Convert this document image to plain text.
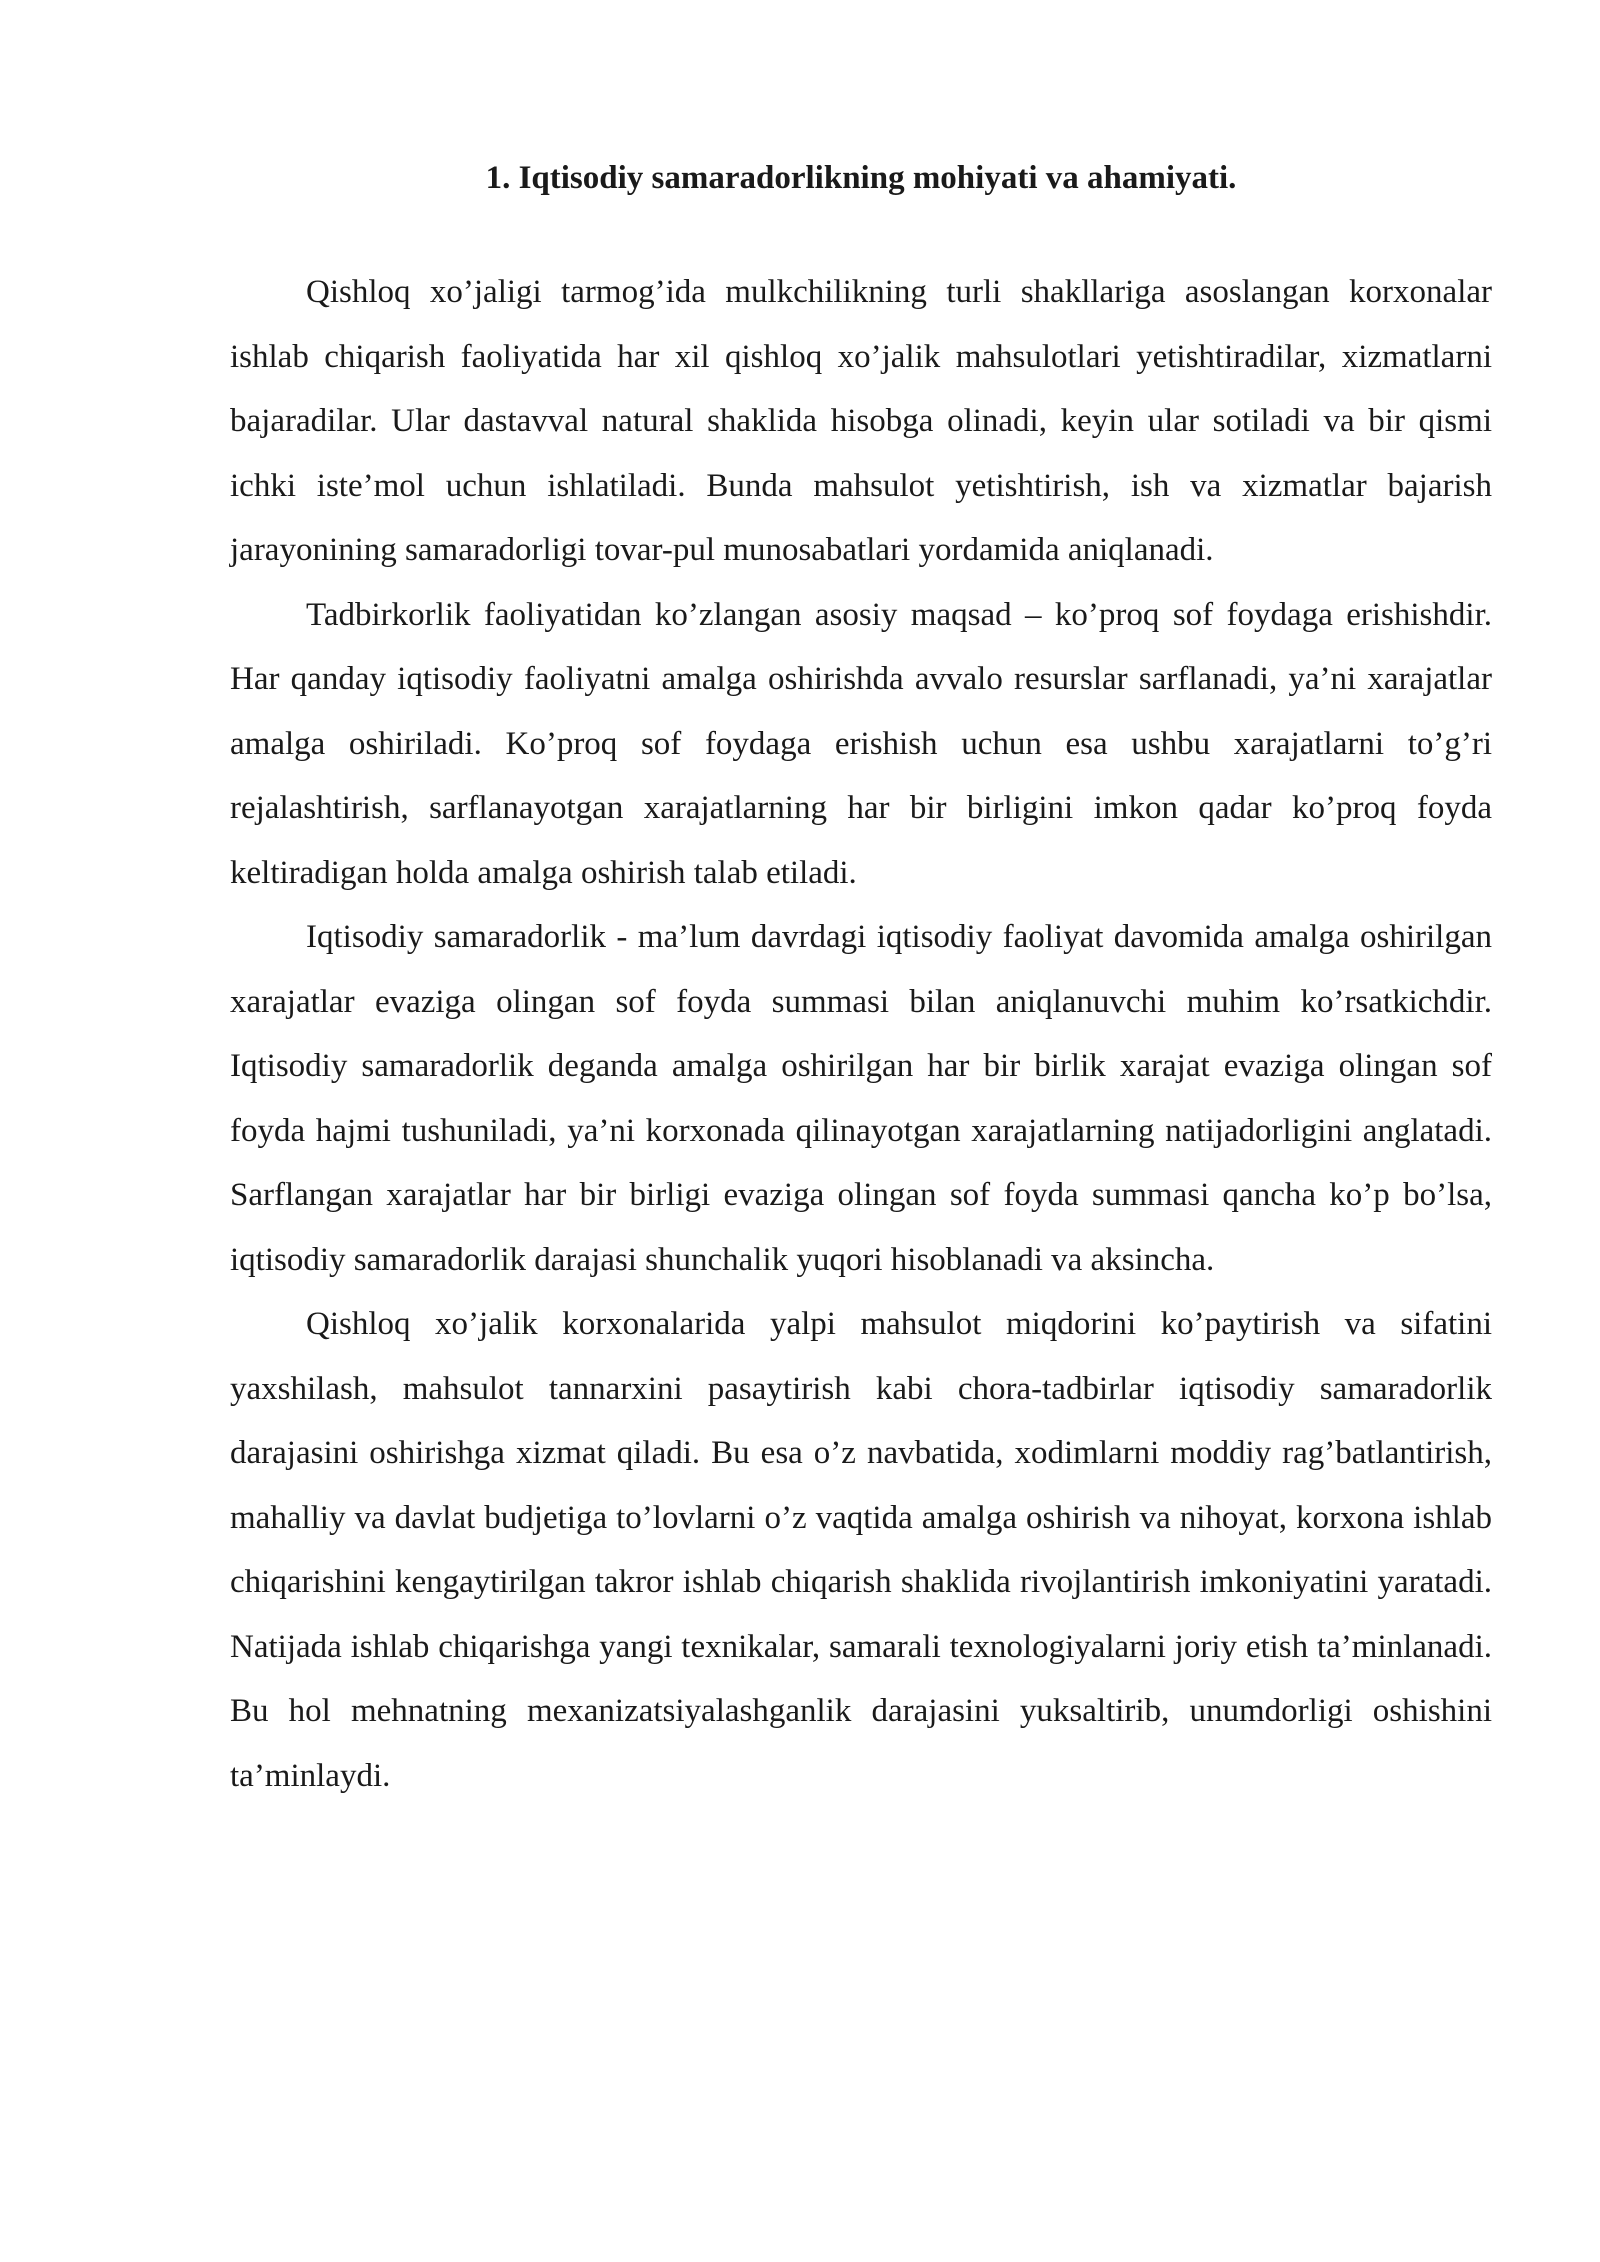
1. Iqtisodiy samaradorlikning mohiyati va ahamiyati.

Qishloq xo’jaligi tarmog’ida mulkchilikning turli shakllariga asoslangan korxonalar ishlab chiqarish faoliyatida har xil qishloq xo’jalik mahsulotlari yetishtiradilar, xizmatlarni bajaradilar. Ular dastavval natural shaklida hisobga olinadi, keyin ular sotiladi va bir qismi ichki iste’mol uchun ishlatiladi. Bunda mahsulot yetishtirish, ish va xizmatlar bajarish jarayonining samaradorligi tovar-pul munosabatlari yordamida aniqlanadi.

Tadbirkorlik faoliyatidan ko’zlangan asosiy maqsad – ko’proq sof foydaga erishishdir. Har qanday iqtisodiy faoliyatni amalga oshirishda avvalo resurslar sarflanadi, ya’ni xarajatlar amalga oshiriladi. Ko’proq sof foydaga erishish uchun esa ushbu xarajatlarni to’g’ri rejalashtirish, sarflanayotgan xarajatlarning har bir birligini imkon qadar ko’proq foyda keltiradigan holda amalga oshirish talab etiladi.

Iqtisodiy samaradorlik - ma’lum davrdagi iqtisodiy faoliyat davomida amalga oshirilgan xarajatlar evaziga olingan sof foyda summasi bilan aniqlanuvchi muhim ko’rsatkichdir. Iqtisodiy samaradorlik deganda amalga oshirilgan har bir birlik xarajat evaziga olingan sof foyda hajmi tushuniladi, ya’ni korxonada qilinayotgan xarajatlarning natijadorligini anglatadi. Sarflangan xarajatlar har bir birligi evaziga olingan sof foyda summasi qancha ko’p bo’lsa, iqtisodiy samaradorlik darajasi shunchalik yuqori hisoblanadi va aksincha.

Qishloq xo’jalik korxonalarida yalpi mahsulot miqdorini ko’paytirish va sifatini yaxshilash, mahsulot tannarxini pasaytirish kabi chora-tadbirlar iqtisodiy samaradorlik darajasini oshirishga xizmat qiladi. Bu esa o’z navbatida, xodimlarni moddiy rag’batlantirish, mahalliy va davlat budjetiga to’lovlarni o’z vaqtida amalga oshirish va nihoyat, korxona ishlab chiqarishini kengaytirilgan takror ishlab chiqarish shaklida rivojlantirish imkoniyatini yaratadi. Natijada ishlab chiqarishga yangi texnikalar, samarali texnologiyalarni joriy etish ta’minlanadi. Bu hol mehnatning mexanizatsiyalashganlik darajasini yuksaltirib, unumdorligi oshishini ta’minlaydi.
